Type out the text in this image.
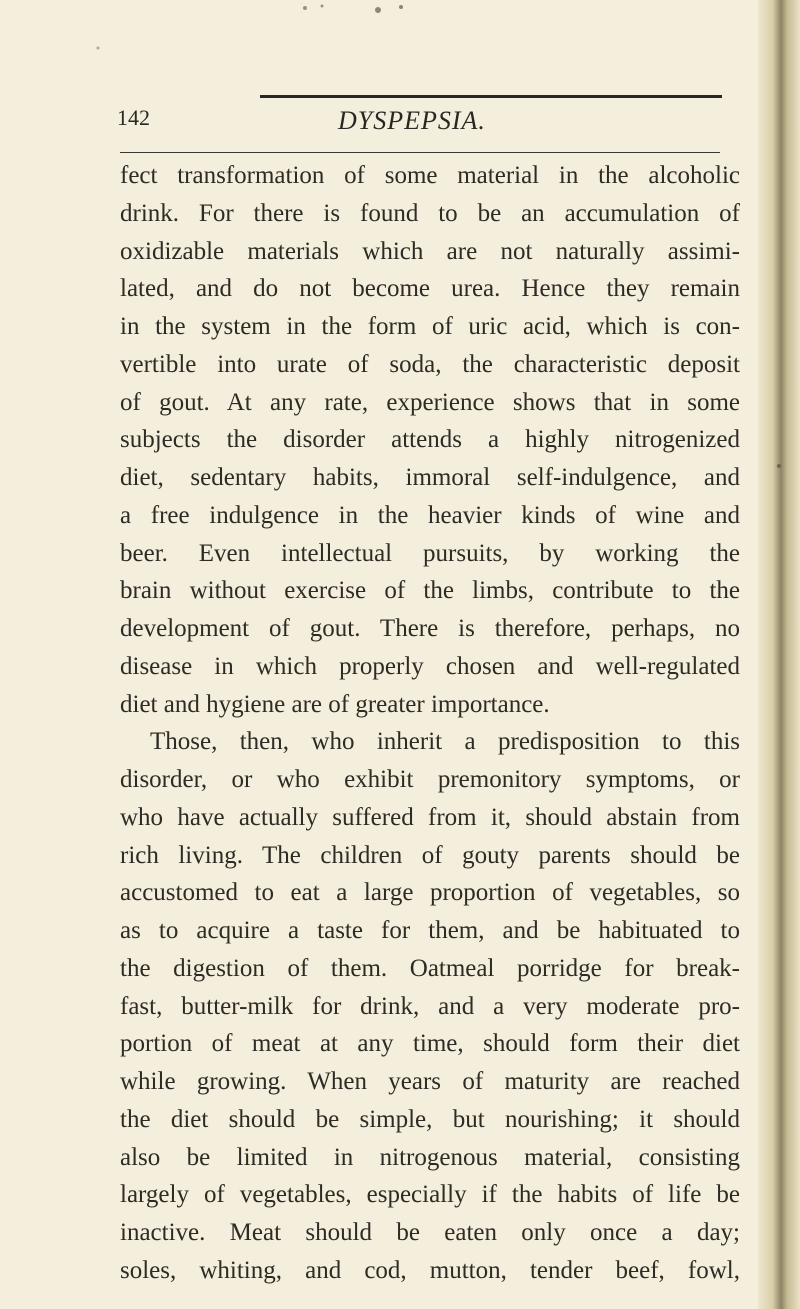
142	DYSPEPSIA.
fect transformation of some material in the alcoholic
drink. For there is found to be an accumulation of
oxidizable materials which are not naturally assimi-
lated, and do not become urea. Hence they remain
in the system in the form of uric acid, which is con-
vertible into urate of soda, the characteristic deposit
of gout. At any rate, experience shows that in some
subjects the disorder attends a highly nitrogenized
diet, sedentary habits, immoral self-indulgence, and
a free indulgence in the heavier kinds of wine and
beer. Even intellectual pursuits, by working the
brain without exercise of the limbs, contribute to the
development of gout. There is therefore, perhaps, no
disease in which properly chosen and well-regulated
diet and hygiene are of greater importance.
Those, then, who inherit a predisposition to this
disorder, or who exhibit premonitory symptoms, or
who have actually suffered from it, should abstain from
rich living. The children of gouty parents should be
accustomed to eat a large proportion of vegetables, so
as to acquire a taste for them, and be habituated to
the digestion of them. Oatmeal porridge for break-
fast, butter-milk for drink, and a very moderate pro-
portion of meat at any time, should form their diet
while growing. When years of maturity are reached
the diet should be simple, but nourishing; it should
also be limited in nitrogenous material, consisting
largely of vegetables, especially if the habits of life be
inactive. Meat should be eaten only once a day;
soles, whiting, and cod, mutton, tender beef, fowl,
